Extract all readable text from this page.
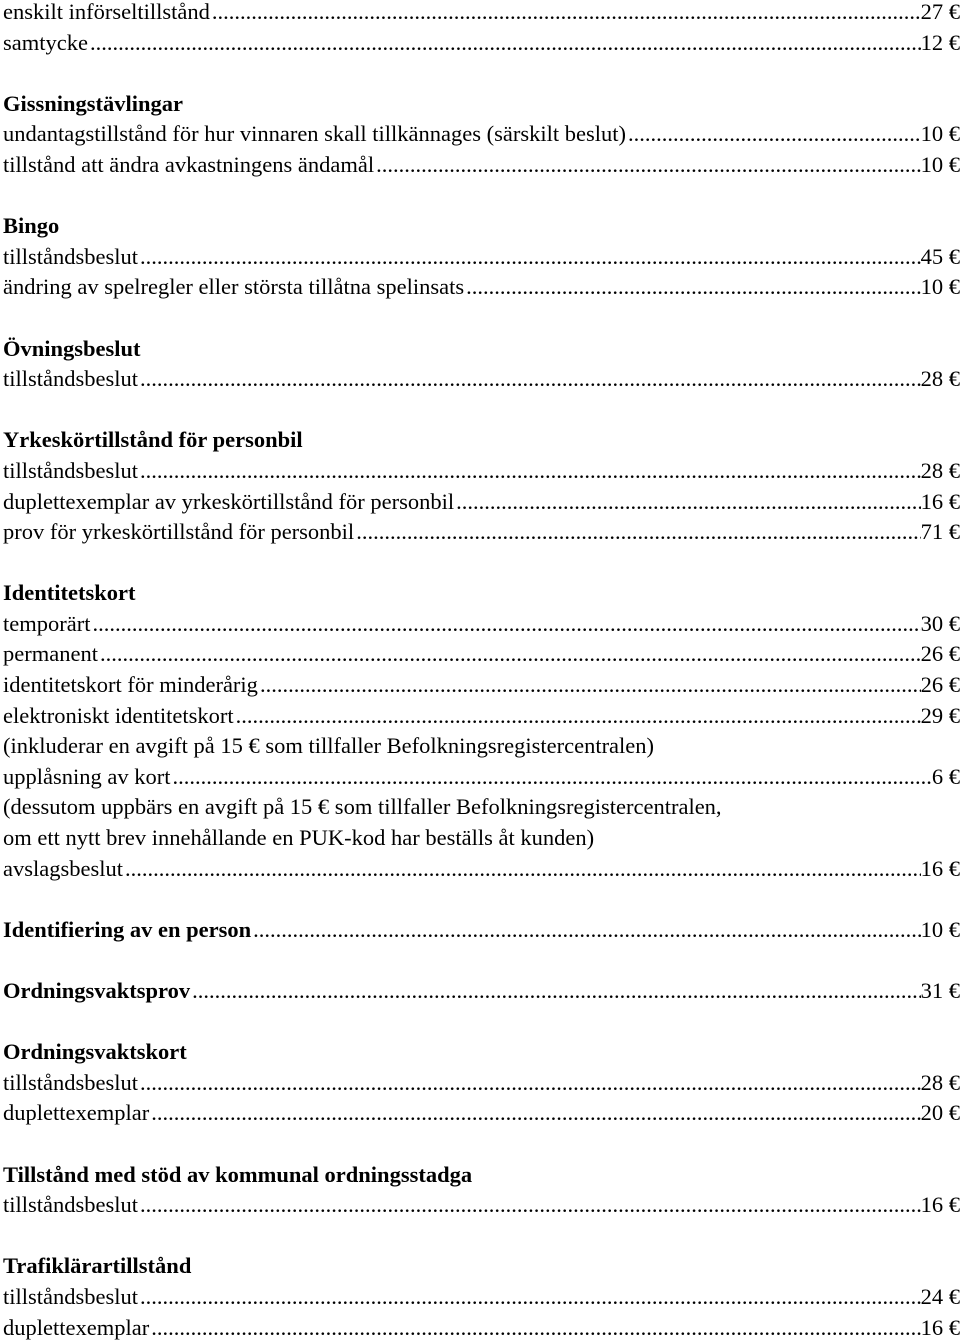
enskilt införseltillstånd .....	27 €
samtycke .....	12 €
Gissningstävlingar
undantagstillstånd för hur vinnaren skall tillkännages (särskilt beslut) .....	10 €
tillstånd att ändra avkastningens ändamål .....	10 €
Bingo
tillståndsbeslut .....	45 €
ändring av spelregler eller största tillåtna spelinsats .....	10 €
Övningsbeslut
tillståndsbeslut .....	28 €
Yrkeskörtillstånd för personbil
tillståndsbeslut .....	28 €
duplettexemplar av yrkeskörtillstånd för personbil .....	16 €
prov för yrkeskörtillstånd för personbil .....	71 €
Identitetskort
temporärt .....	30 €
permanent .....	26 €
identitetskort för minderårig .....	26 €
elektroniskt identitetskort .....	29 €
(inkluderar en avgift på 15 € som tillfaller Befolkningsregistercentralen)
upplåsning av kort .....	6 €
(dessutom uppbärs en avgift på 15 € som tillfaller Befolkningsregistercentralen,
om ett nytt brev innehållande en PUK-kod har beställs åt kunden)
avslagsbeslut .....	16 €
Identifiering av en person .....	10 €
Ordningsvaktsprov .....	31 €
Ordningsvaktskort
tillståndsbeslut .....	28 €
duplettexemplar .....	20 €
Tillstånd med stöd av kommunal ordningsstadga
tillståndsbeslut .....	16 €
Trafiklärartillstånd
tillståndsbeslut .....	24 €
duplettexemplar .....	16 €
